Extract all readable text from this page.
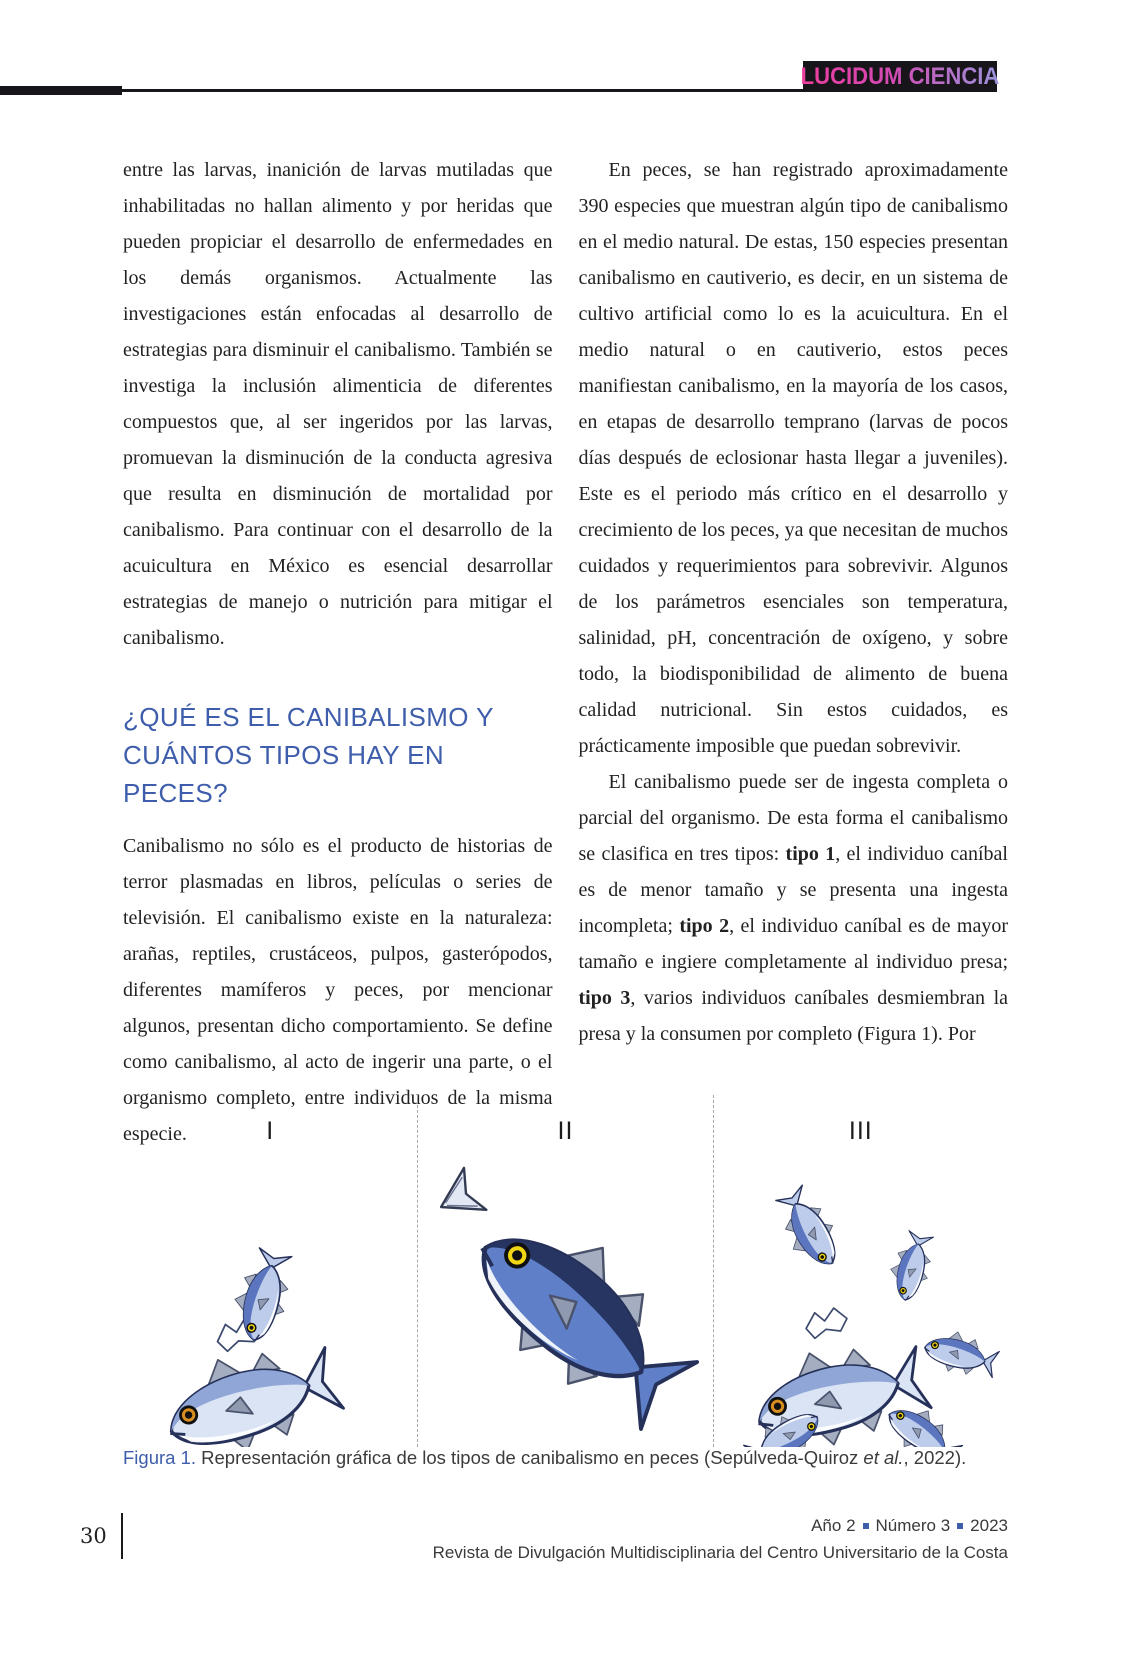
LUCIDUM CIENCIA

entre las larvas, inanición de larvas mutiladas que inhabilitadas no hallan alimento y por heridas que pueden propiciar el desarrollo de enfermedades en los demás organismos. Actualmente las investigaciones están enfocadas al desarrollo de estrategias para disminuir el canibalismo. También se investiga la inclusión alimenticia de diferentes compuestos que, al ser ingeridos por las larvas, promuevan la disminución de la conducta agresiva que resulta en disminución de mortalidad por canibalismo. Para continuar con el desarrollo de la acuicultura en México es esencial desarrollar estrategias de manejo o nutrición para mitigar el canibalismo.

¿QUÉ ES EL CANIBALISMO Y
CUÁNTOS TIPOS HAY EN PECES?

Canibalismo no sólo es el producto de historias de terror plasmadas en libros, películas o series de televisión. El canibalismo existe en la naturaleza: arañas, reptiles, crustáceos, pulpos, gasterópodos, diferentes mamíferos y peces, por mencionar algunos, presentan dicho comportamiento. Se define como canibalismo, al acto de ingerir una parte, o el organismo completo, entre individuos de la misma especie.

En peces, se han registrado aproximadamente 390 especies que muestran algún tipo de canibalismo en el medio natural. De estas, 150 especies presentan canibalismo en cautiverio, es decir, en un sistema de cultivo artificial como lo es la acuicultura. En el medio natural o en cautiverio, estos peces manifiestan canibalismo, en la mayoría de los casos, en etapas de desarrollo temprano (larvas de pocos días después de eclosionar hasta llegar a juveniles). Este es el periodo más crítico en el desarrollo y crecimiento de los peces, ya que necesitan de muchos cuidados y requerimientos para sobrevivir. Algunos de los parámetros esenciales son temperatura, salinidad, pH, concentración de oxígeno, y sobre todo, la biodisponibilidad de alimento de buena calidad nutricional. Sin estos cuidados, es prácticamente imposible que puedan sobrevivir.

El canibalismo puede ser de ingesta completa o parcial del organismo. De esta forma el canibalismo se clasifica en tres tipos: tipo 1, el individuo caníbal es de menor tamaño y se presenta una ingesta incompleta; tipo 2, el individuo caníbal es de mayor tamaño e ingiere completamente al individuo presa; tipo 3, varios individuos caníbales desmiembran la presa y la consumen por completo (Figura 1). Por

I	II	III
Figura 1. Representación gráfica de los tipos de canibalismo en peces (Sepúlveda-Quiroz et al., 2022).
30	Año 2 Número 3 2023
Revista de Divulgación Multidisciplinaria del Centro Universitario de la Costa
